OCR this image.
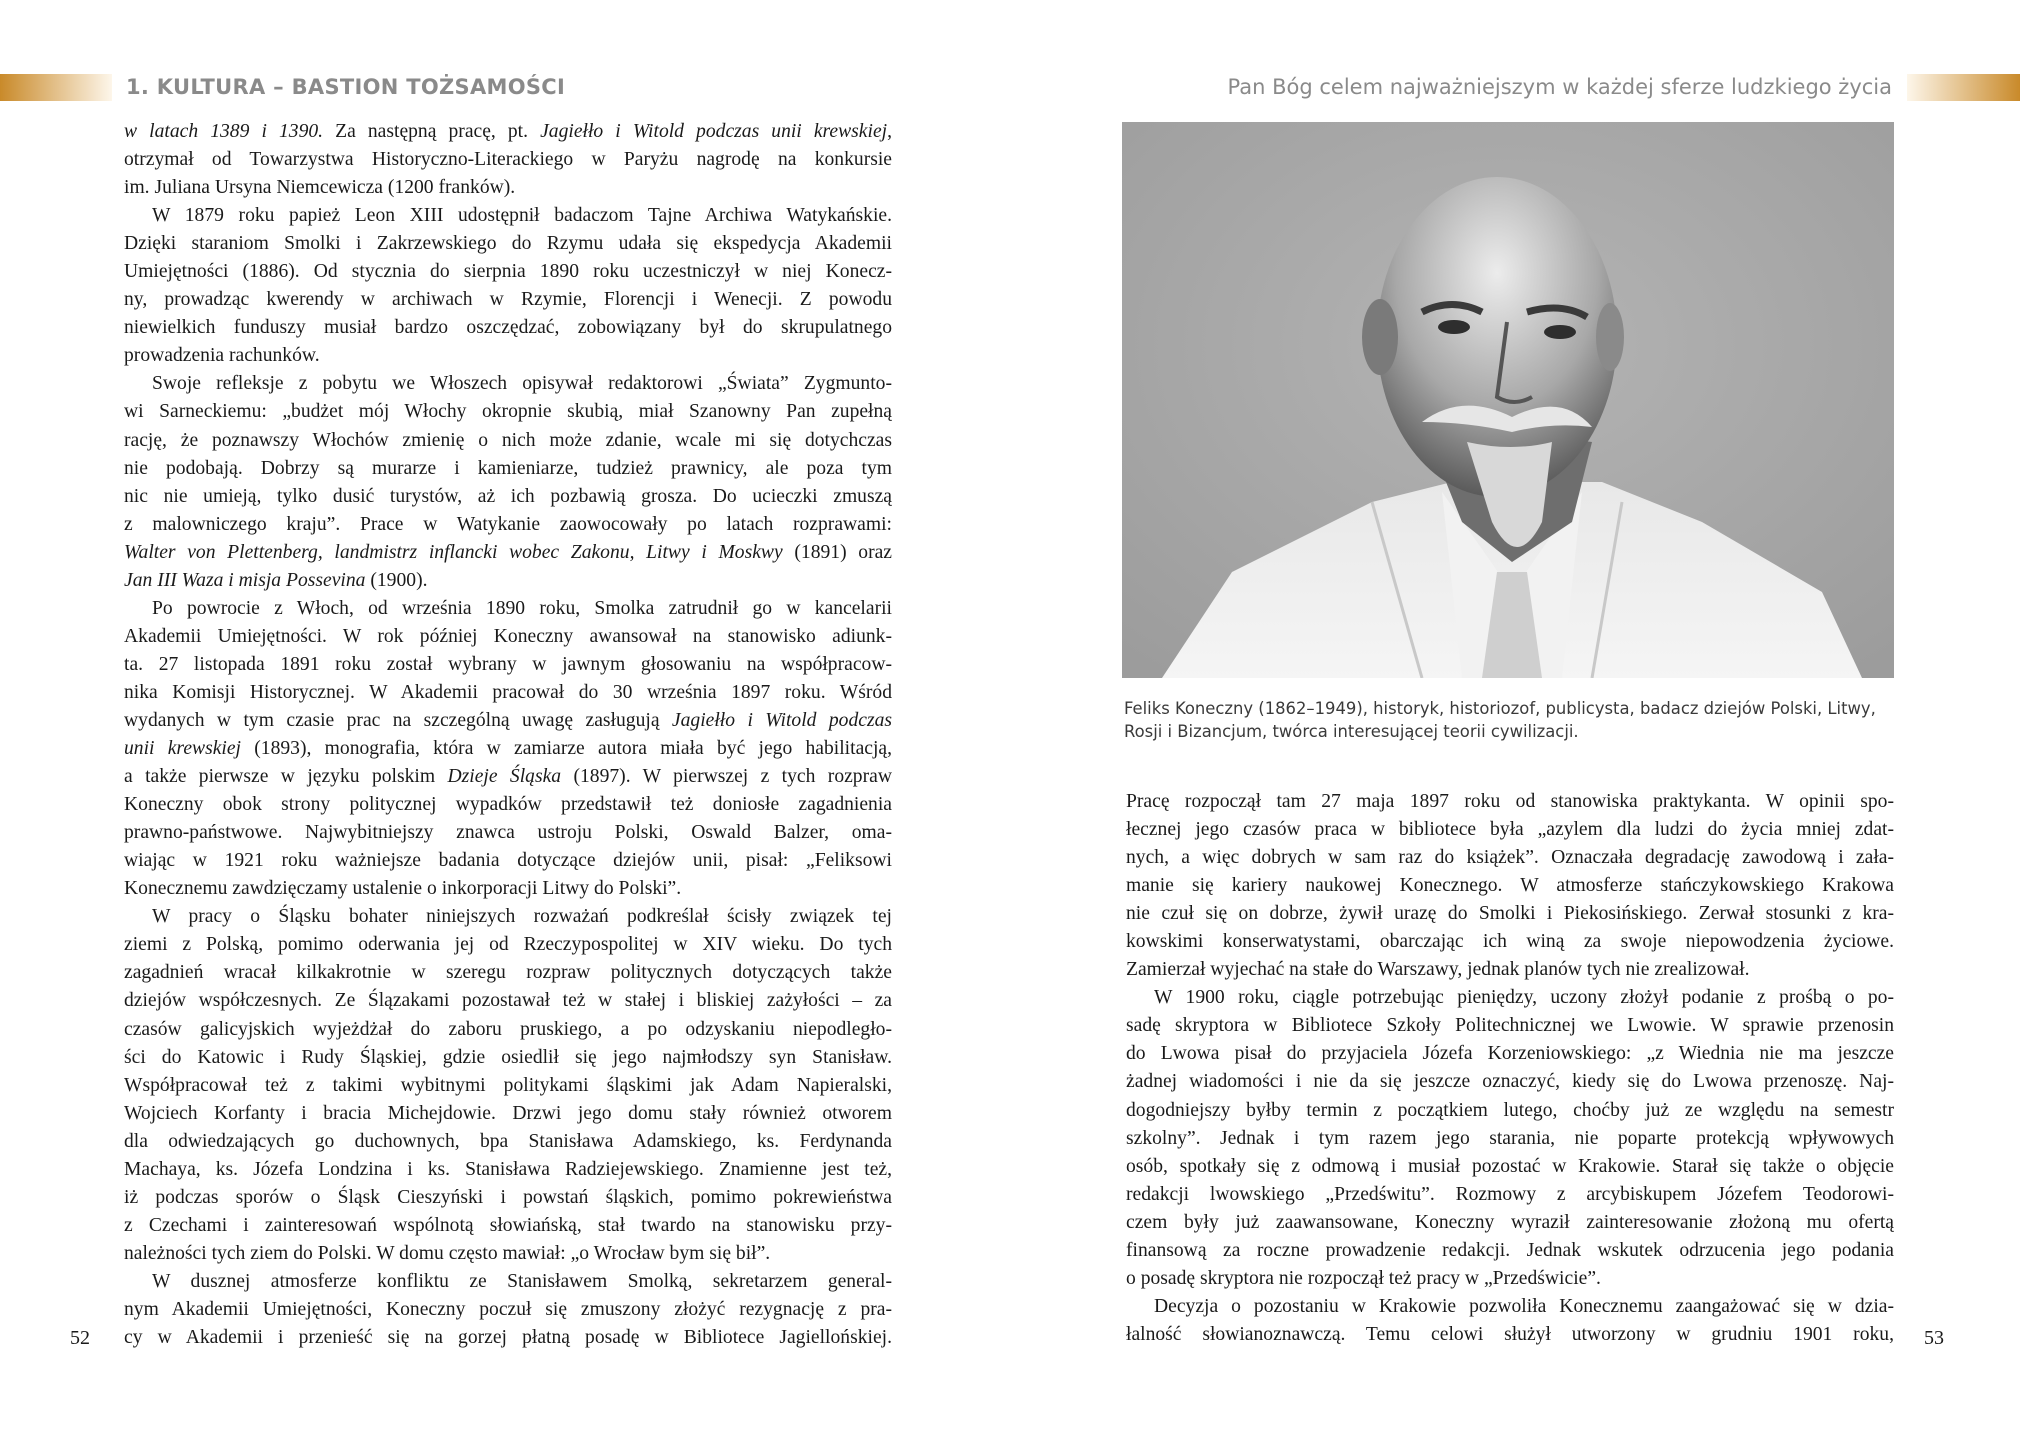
1. KULTURA – BASTION TOŻSAMOŚCI	Pan Bóg celem najważniejszym w każdej sferze ludzkiego życia
w latach 1389 i 1390. Za następną pracę, pt. Jagiełło i Witold podczas unii krewskiej,
otrzymał od Towarzystwa Historyczno-Literackiego w Paryżu nagrodę na konkursie
im. Juliana Ursyna Niemcewicza (1200 franków).
W 1879 roku papież Leon XIII udostępnił badaczom Tajne Archiwa Watykańskie.
Dzięki staraniom Smolki i Zakrzewskiego do Rzymu udała się ekspedycja Akademii
Umiejętności (1886). Od stycznia do sierpnia 1890 roku uczestniczył w niej Konecz-
ny, prowadząc kwerendy w archiwach w Rzymie, Florencji i Wenecji. Z powodu
niewielkich funduszy musiał bardzo oszczędzać, zobowiązany był do skrupulatnego
prowadzenia rachunków.
Swoje refleksje z pobytu we Włoszech opisywał redaktorowi „Świata” Zygmunto-
wi Sarneckiemu: „budżet mój Włochy okropnie skubią, miał Szanowny Pan zupełną
rację, że poznawszy Włochów zmienię o nich może zdanie, wcale mi się dotychczas
nie podobają. Dobrzy są murarze i kamieniarze, tudzież prawnicy, ale poza tym
nic nie umieją, tylko dusić turystów, aż ich pozbawią grosza. Do ucieczki zmuszą
z malowniczego kraju”. Prace w Watykanie zaowocowały po latach rozprawami:
Walter von Plettenberg, landmistrz inflancki wobec Zakonu, Litwy i Moskwy (1891) oraz
Jan III Waza i misja Possevina (1900).
Po powrocie z Włoch, od września 1890 roku, Smolka zatrudnił go w kancelarii
Akademii Umiejętności. W rok później Koneczny awansował na stanowisko adiunk-
ta. 27 listopada 1891 roku został wybrany w jawnym głosowaniu na współpracow-
nika Komisji Historycznej. W Akademii pracował do 30 września 1897 roku. Wśród
wydanych w tym czasie prac na szczególną uwagę zasługują Jagiełło i Witold podczas
unii krewskiej (1893), monografia, która w zamiarze autora miała być jego habilitacją,
a także pierwsze w języku polskim Dzieje Śląska (1897). W pierwszej z tych rozpraw
Koneczny obok strony politycznej wypadków przedstawił też doniosłe zagadnienia
prawno-państwowe. Najwybitniejszy znawca ustroju Polski, Oswald Balzer, oma-
wiając w 1921 roku ważniejsze badania dotyczące dziejów unii, pisał: „Feliksowi
Konecznemu zawdzięczamy ustalenie o inkorporacji Litwy do Polski”.
W pracy o Śląsku bohater niniejszych rozważań podkreślał ścisły związek tej
ziemi z Polską, pomimo oderwania jej od Rzeczypospolitej w XIV wieku. Do tych
zagadnień wracał kilkakrotnie w szeregu rozpraw politycznych dotyczących także
dziejów współczesnych. Ze Ślązakami pozostawał też w stałej i bliskiej zażyłości – za
czasów galicyjskich wyjeżdżał do zaboru pruskiego, a po odzyskaniu niepodległo-
ści do Katowic i Rudy Śląskiej, gdzie osiedlił się jego najmłodszy syn Stanisław.
Współpracował też z takimi wybitnymi politykami śląskimi jak Adam Napieralski,
Wojciech Korfanty i bracia Michejdowie. Drzwi jego domu stały również otworem
dla odwiedzających go duchownych, bpa Stanisława Adamskiego, ks. Ferdynanda
Machaya, ks. Józefa Londzina i ks. Stanisława Radziejewskiego. Znamienne jest też,
iż podczas sporów o Śląsk Cieszyński i powstań śląskich, pomimo pokrewieństwa
z Czechami i zainteresowań wspólnotą słowiańską, stał twardo na stanowisku przy-
należności tych ziem do Polski. W domu często mawiał: „o Wrocław bym się bił”.
W dusznej atmosferze konfliktu ze Stanisławem Smolką, sekretarzem general-
nym Akademii Umiejętności, Koneczny poczuł się zmuszony złożyć rezygnację z pra-
cy w Akademii i przenieść się na gorzej płatną posadę w Bibliotece Jagiellońskiej.
Feliks Koneczny (1862–1949), historyk, historiozof, publicysta, badacz dziejów Polski, Litwy,
Rosji i Bizancjum, twórca interesującej teorii cywilizacji.
Pracę rozpoczął tam 27 maja 1897 roku od stanowiska praktykanta. W opinii spo-
łecznej jego czasów praca w bibliotece była „azylem dla ludzi do życia mniej zdat-
nych, a więc dobrych w sam raz do książek”. Oznaczała degradację zawodową i zała-
manie się kariery naukowej Konecznego. W atmosferze stańczykowskiego Krakowa
nie czuł się on dobrze, żywił urazę do Smolki i Piekosińskiego. Zerwał stosunki z kra-
kowskimi konserwatystami, obarczając ich winą za swoje niepowodzenia życiowe.
Zamierzał wyjechać na stałe do Warszawy, jednak planów tych nie zrealizował.
W 1900 roku, ciągle potrzebując pieniędzy, uczony złożył podanie z prośbą o po-
sadę skryptora w Bibliotece Szkoły Politechnicznej we Lwowie. W sprawie przenosin
do Lwowa pisał do przyjaciela Józefa Korzeniowskiego: „z Wiednia nie ma jeszcze
żadnej wiadomości i nie da się jeszcze oznaczyć, kiedy się do Lwowa przenoszę. Naj-
dogodniejszy byłby termin z początkiem lutego, choćby już ze względu na semestr
szkolny”. Jednak i tym razem jego starania, nie poparte protekcją wpływowych
osób, spotkały się z odmową i musiał pozostać w Krakowie. Starał się także o objęcie
redakcji lwowskiego „Przedświtu”. Rozmowy z arcybiskupem Józefem Teodorowi-
czem były już zaawansowane, Koneczny wyraził zainteresowanie złożoną mu ofertą
finansową za roczne prowadzenie redakcji. Jednak wskutek odrzucenia jego podania
o posadę skryptora nie rozpoczął też pracy w „Przedświcie”.
Decyzja o pozostaniu w Krakowie pozwoliła Konecznemu zaangażować się w dzia-
łalność słowianoznawczą. Temu celowi służył utworzony w grudniu 1901 roku,
52	53
